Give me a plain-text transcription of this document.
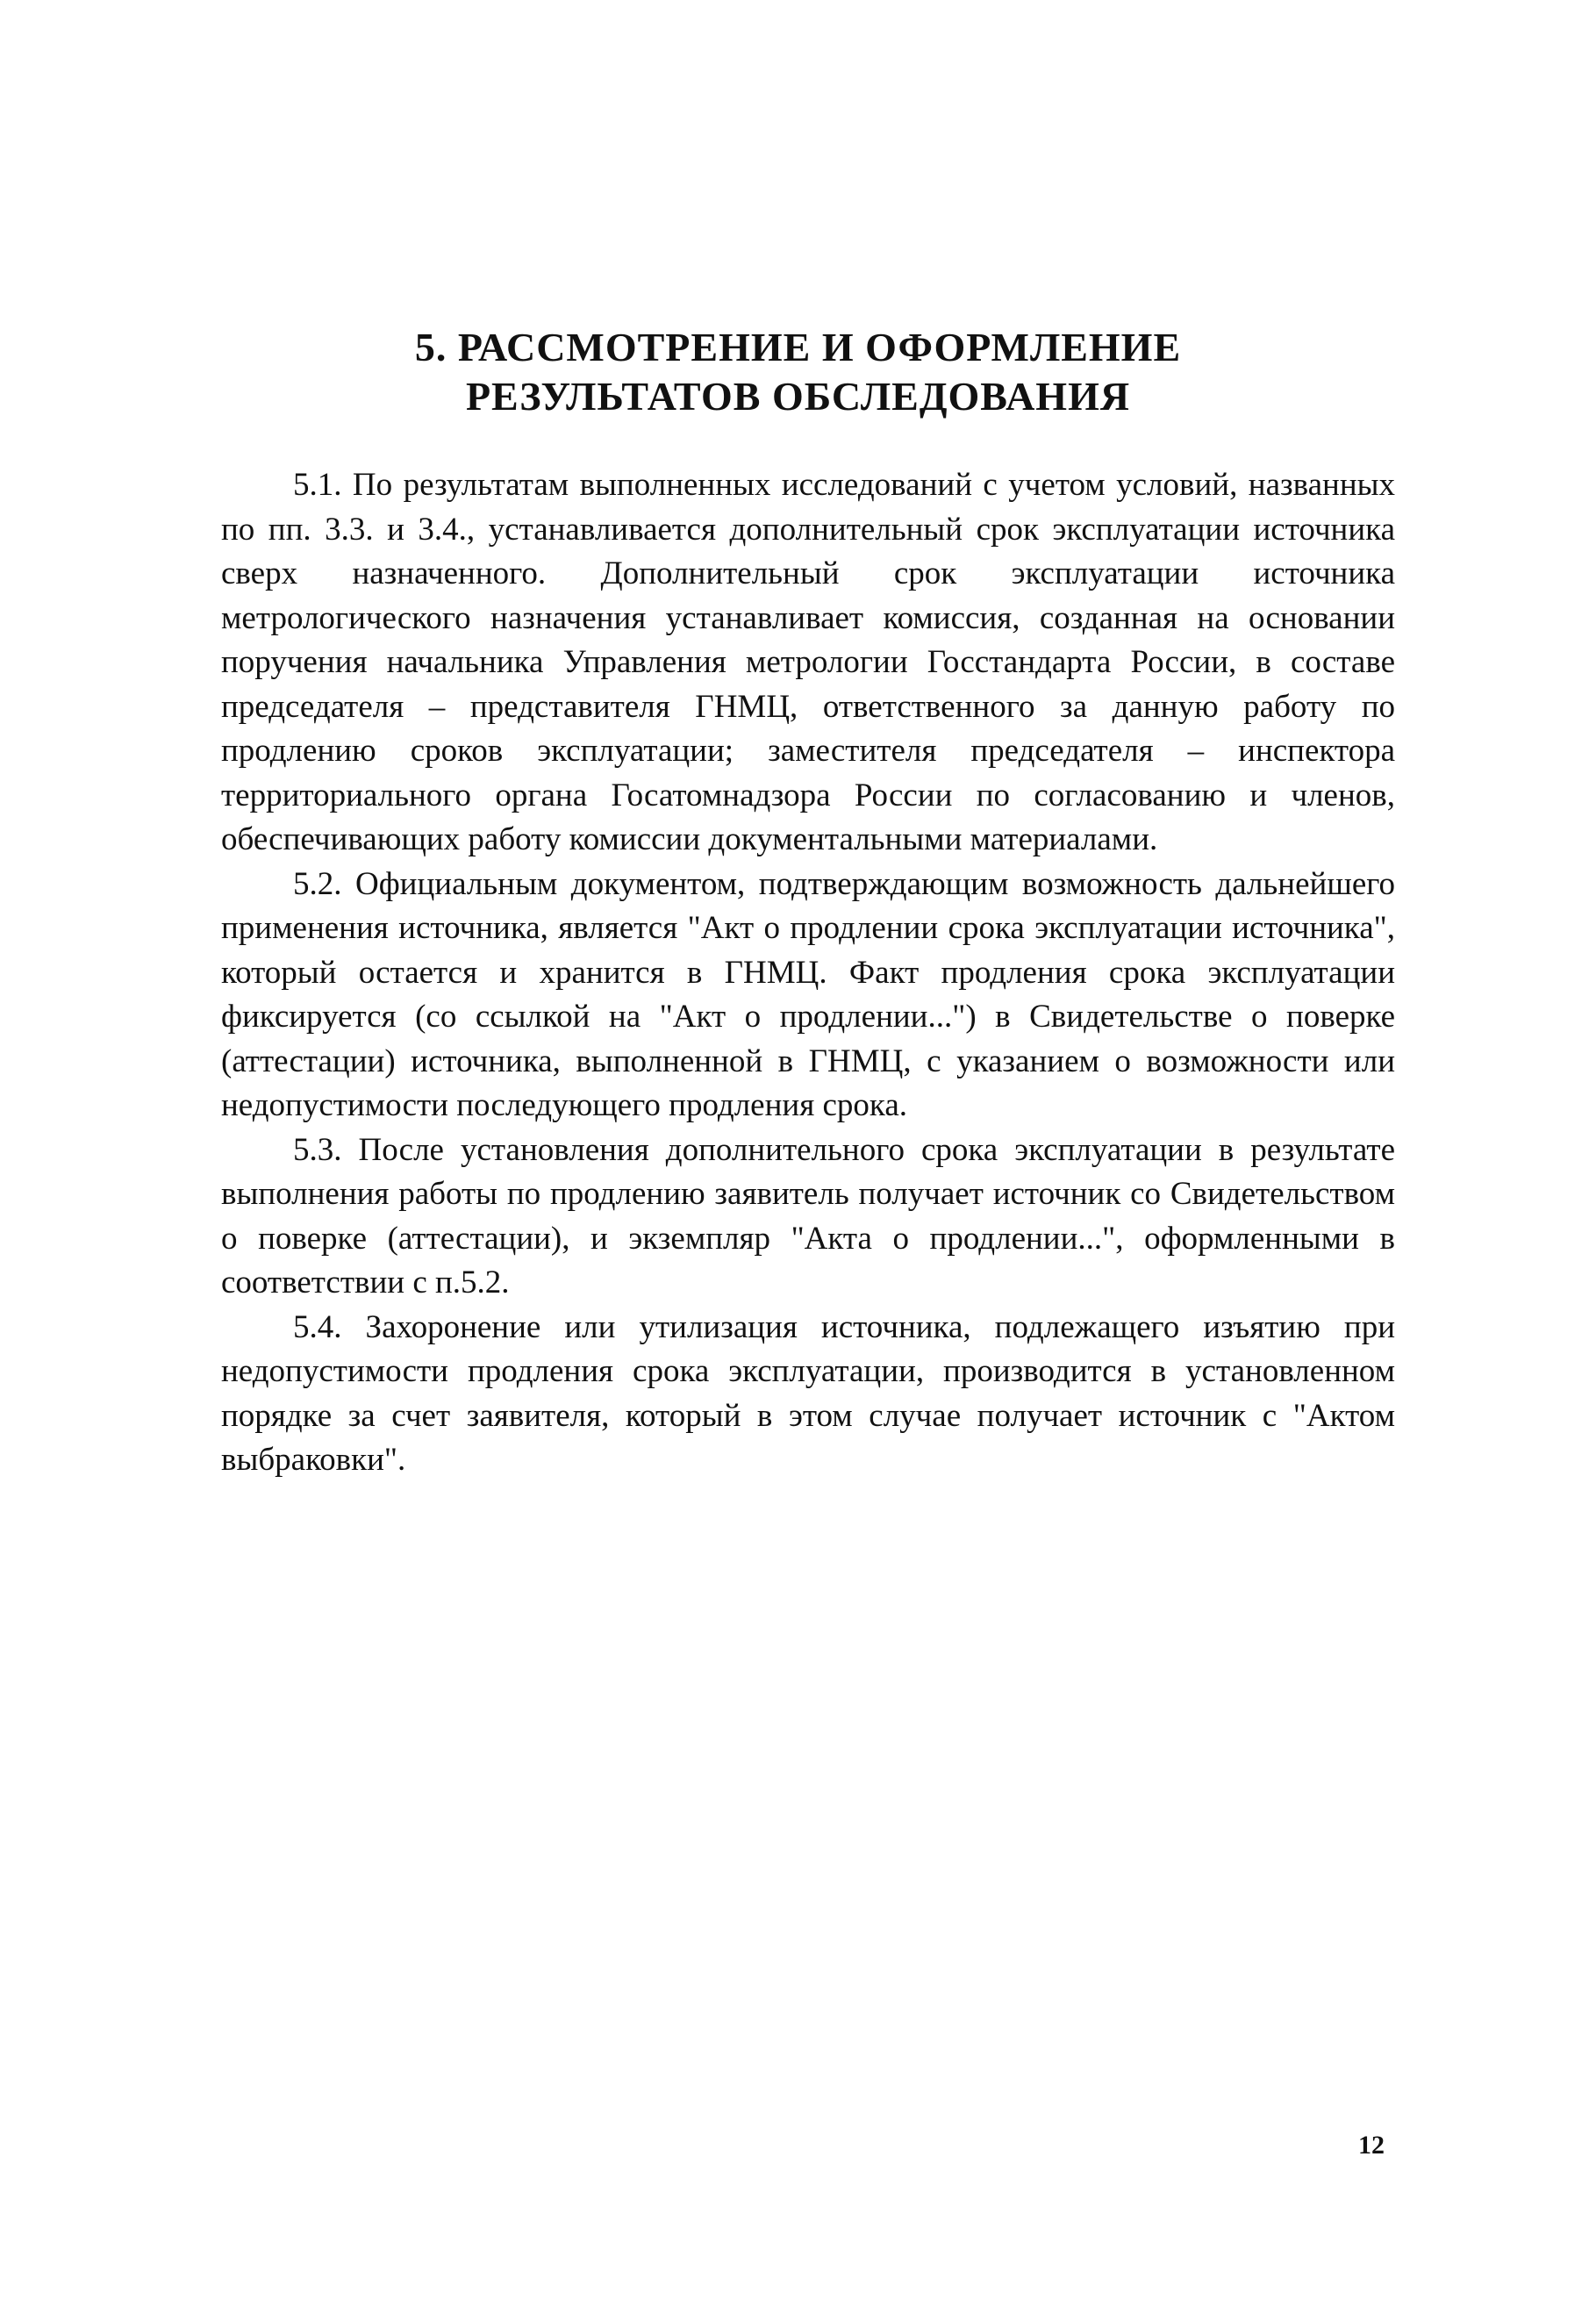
5. РАССМОТРЕНИЕ И ОФОРМЛЕНИЕ
РЕЗУЛЬТАТОВ ОБСЛЕДОВАНИЯ

5.1. По результатам выполненных исследований с учетом условий, названных по пп. 3.3. и 3.4., устанавливается дополнительный срок эксплуатации источника сверх назначенного. Дополнительный срок эксплуатации источника метрологического назначения устанавливает комиссия, созданная на основании поручения начальника Управления метрологии Госстандарта России, в составе председателя – представителя ГНМЦ, ответственного за данную работу по продлению сроков эксплуатации; заместителя председателя – инспектора территориального органа Госатомнадзора России по согласованию и членов, обеспечивающих работу комиссии документальными материалами.

5.2. Официальным документом, подтверждающим возможность дальнейшего применения источника, является "Акт о продлении срока эксплуатации источника", который остается и хранится в ГНМЦ. Факт продления срока эксплуатации фиксируется (со ссылкой на "Акт о продлении...") в Свидетельстве о поверке (аттестации) источника, выполненной в ГНМЦ, с указанием о возможности или недопустимости последующего продления срока.

5.3. После установления дополнительного срока эксплуатации в результате выполнения работы по продлению заявитель получает источник со Свидетельством о поверке (аттестации), и экземпляр "Акта о продлении...", оформленными в соответствии с п.5.2.

5.4. Захоронение или утилизация источника, подлежащего изъятию при недопустимости продления срока эксплуатации, производится в установленном порядке за счет заявителя, который в этом случае получает источник с "Актом выбраковки".

12
